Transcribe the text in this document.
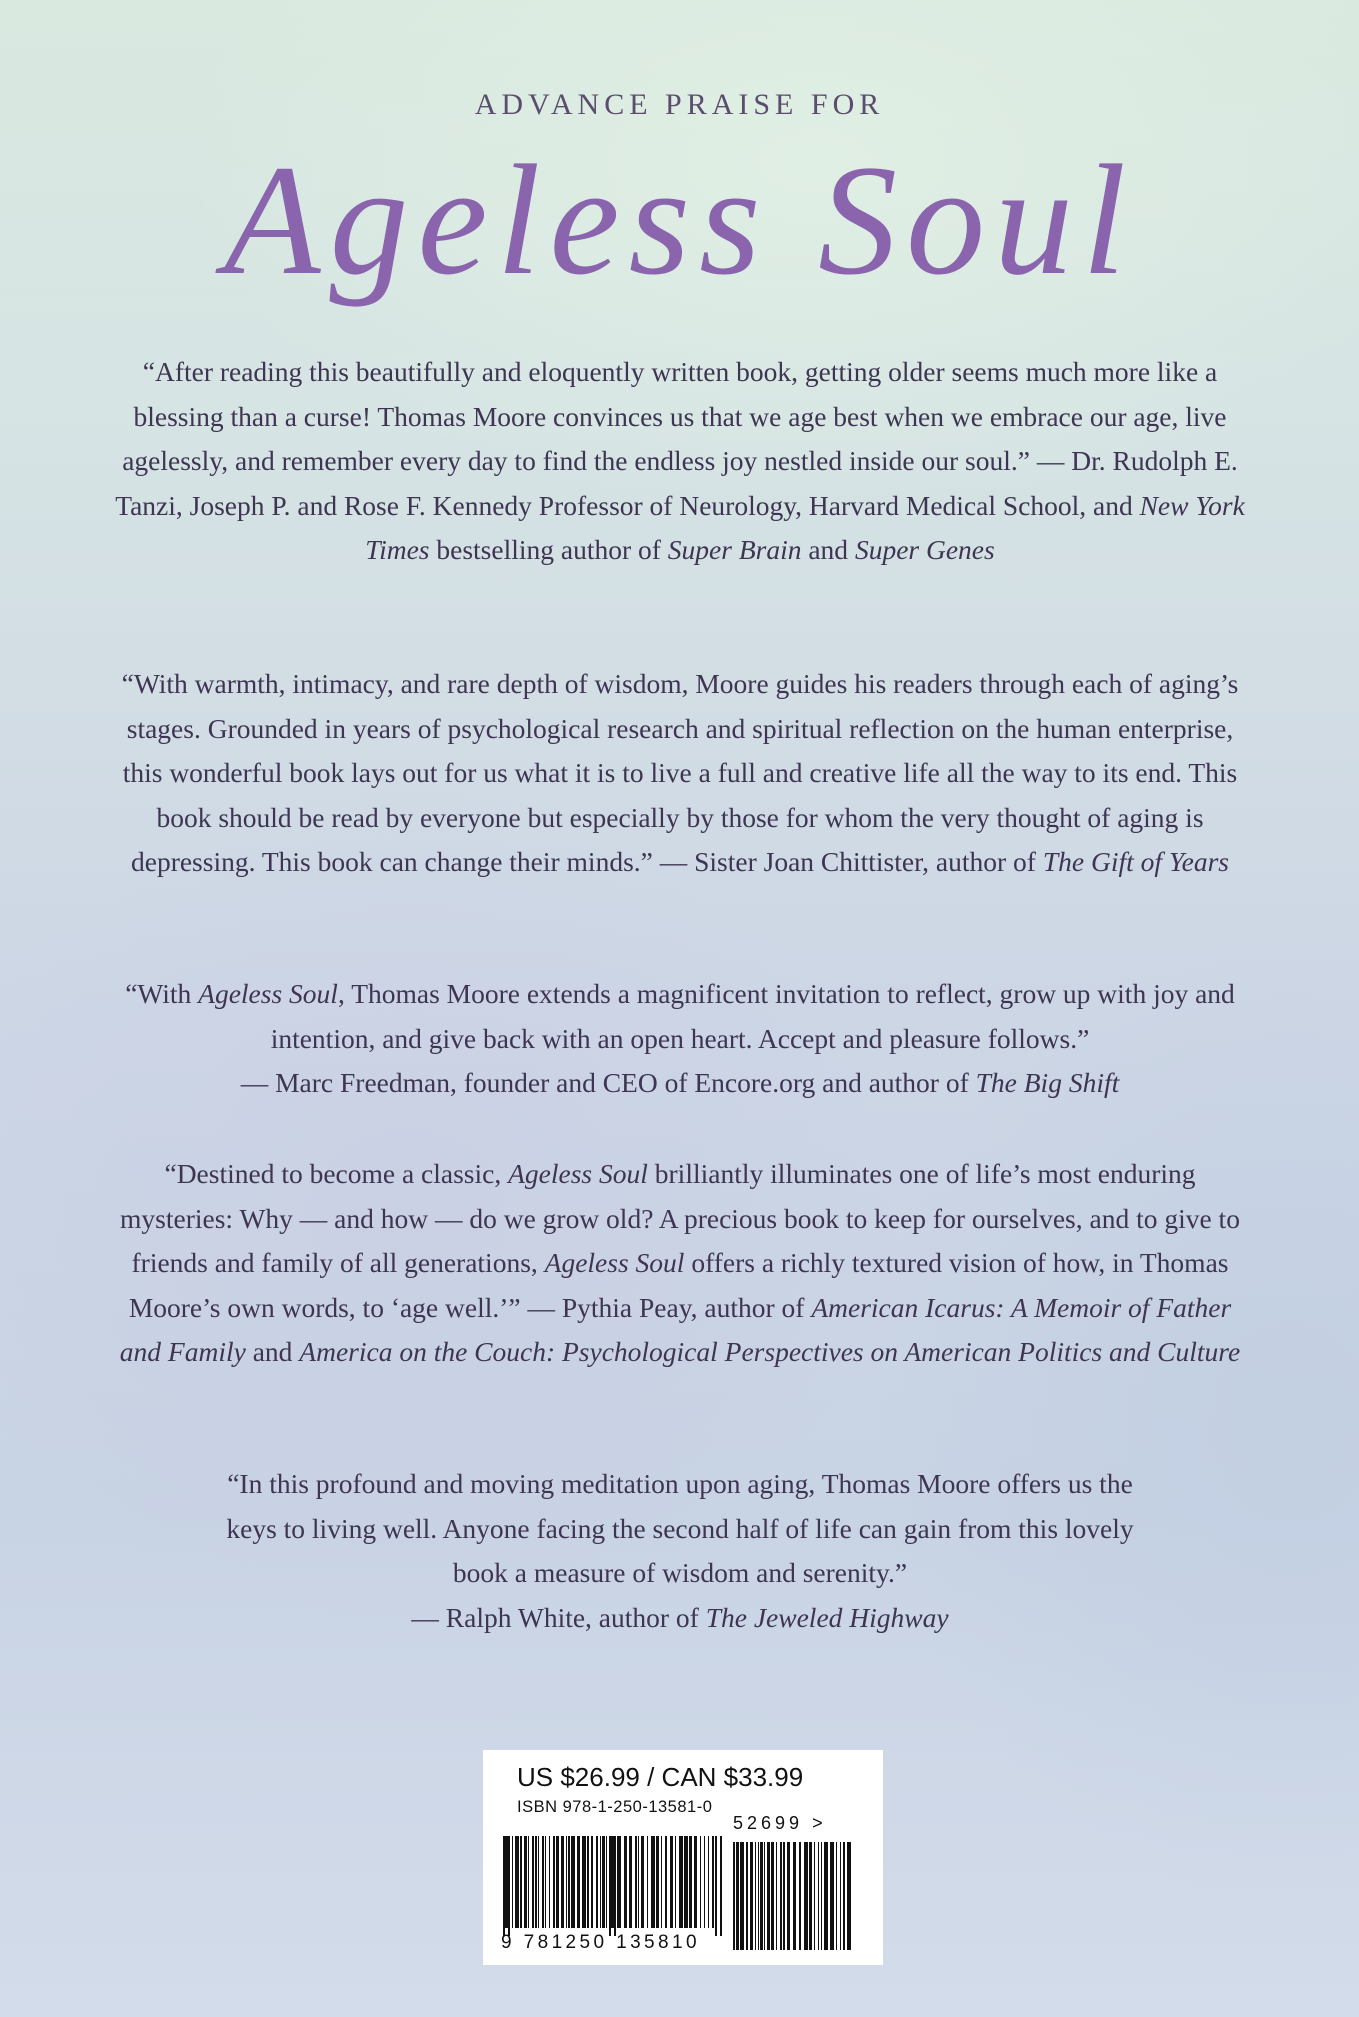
ADVANCE PRAISE FOR
Ageless Soul

“After reading this beautifully and eloquently written book, getting older seems much more like a blessing than a curse! Thomas Moore convinces us that we age best when we embrace our age, live agelessly, and remember every day to find the endless joy nestled inside our soul.” — Dr. Rudolph E. Tanzi, Joseph P. and Rose F. Kennedy Professor of Neurology, Harvard Medical School, and New York Times bestselling author of Super Brain and Super Genes

“With warmth, intimacy, and rare depth of wisdom, Moore guides his readers through each of aging’s stages. Grounded in years of psychological research and spiritual reflection on the human enterprise, this wonderful book lays out for us what it is to live a full and creative life all the way to its end. This book should be read by everyone but especially by those for whom the very thought of aging is depressing. This book can change their minds.” — Sister Joan Chittister, author of The Gift of Years

“With Ageless Soul, Thomas Moore extends a magnificent invitation to reflect, grow up with joy and intention, and give back with an open heart. Accept and pleasure follows.”
— Marc Freedman, founder and CEO of Encore.org and author of The Big Shift

“Destined to become a classic, Ageless Soul brilliantly illuminates one of life’s most enduring mysteries: Why — and how — do we grow old? A precious book to keep for ourselves, and to give to friends and family of all generations, Ageless Soul offers a richly textured vision of how, in Thomas Moore’s own words, to ‘age well.’” — Pythia Peay, author of American Icarus: A Memoir of Father and Family and America on the Couch: Psychological Perspectives on American Politics and Culture

“In this profound and moving meditation upon aging, Thomas Moore offers us the keys to living well. Anyone facing the second half of life can gain from this lovely book a measure of wisdom and serenity.”
— Ralph White, author of The Jeweled Highway

US $26.99 / CAN $33.99
ISBN 978-1-250-13581-0
52699 >
9 781250 135810
